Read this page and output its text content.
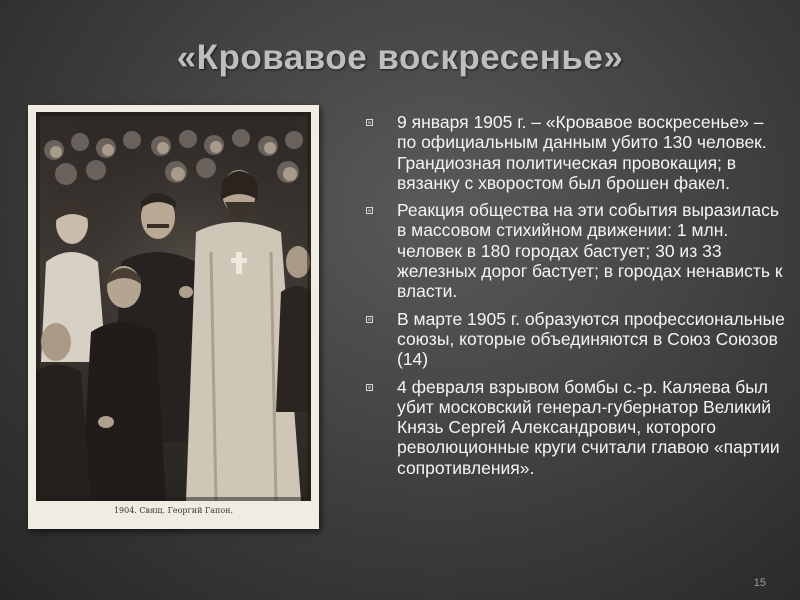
«Кровавое воскресенье»
1904. Свящ. Георгий Гапон.
9 января 1905 г. – «Кровавое воскресенье» – по официальным данным убито 130 человек. Грандиозная политическая провокация; в вязанку с хворостом был брошен факел.
Реакция общества на эти события выразилась в массовом стихийном движении: 1 млн. человек в 180 городах бастует; 30 из 33 железных дорог бастует; в городах ненависть к власти.
В марте 1905 г. образуются профессиональные союзы, которые объединяются в Союз Союзов (14)
4 февраля взрывом бомбы с.-р. Каляева был убит московский генерал-губернатор Великий Князь Сергей Александрович, которого революционные круги считали главою «партии сопротивления».
15
